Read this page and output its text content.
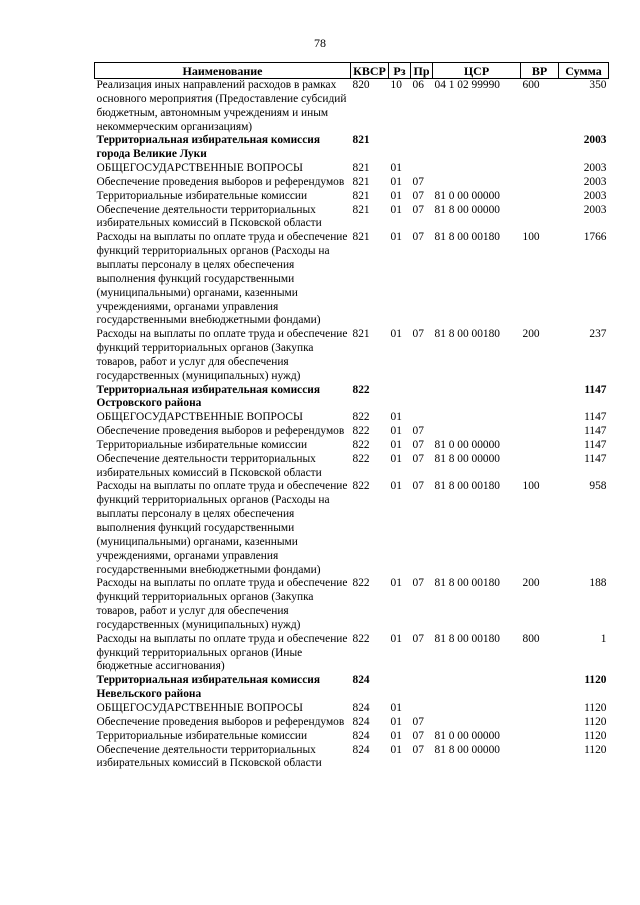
78
Наименование	КВСР	Рз	Пр	ЦСР	ВР	Сумма
Реализация иных направлений расходов в рамках основного мероприятия (Предоставление субсидий бюджетным, автономным учреждениям и иным некоммерческим организациям)	820	10	06	04 1 02 99990	600	350
Территориальная избирательная комиссия города Великие Луки	821					2003
ОБЩЕГОСУДАРСТВЕННЫЕ ВОПРОСЫ	821	01				2003
Обеспечение проведения выборов и референдумов	821	01	07			2003
Территориальные избирательные комиссии	821	01	07	81 0 00 00000		2003
Обеспечение деятельности территориальных избирательных комиссий в Псковской области	821	01	07	81 8 00 00000		2003
Расходы на выплаты по оплате труда и обеспечение функций территориальных органов (Расходы на выплаты персоналу в целях обеспечения выполнения функций государственными (муниципальными) органами, казенными учреждениями, органами управления государственными внебюджетными фондами)	821	01	07	81 8 00 00180	100	1766
Расходы на выплаты по оплате труда и обеспечение функций территориальных органов (Закупка товаров, работ и услуг для обеспечения государственных (муниципальных) нужд)	821	01	07	81 8 00 00180	200	237
Территориальная избирательная комиссия Островского района	822					1147
ОБЩЕГОСУДАРСТВЕННЫЕ ВОПРОСЫ	822	01				1147
Обеспечение проведения выборов и референдумов	822	01	07			1147
Территориальные избирательные комиссии	822	01	07	81 0 00 00000		1147
Обеспечение деятельности территориальных избирательных комиссий в Псковской области	822	01	07	81 8 00 00000		1147
Расходы на выплаты по оплате труда и обеспечение функций территориальных органов (Расходы на выплаты персоналу в целях обеспечения выполнения функций государственными (муниципальными) органами, казенными учреждениями, органами управления государственными внебюджетными фондами)	822	01	07	81 8 00 00180	100	958
Расходы на выплаты по оплате труда и обеспечение функций территориальных органов (Закупка товаров, работ и услуг для обеспечения государственных (муниципальных) нужд)	822	01	07	81 8 00 00180	200	188
Расходы на выплаты по оплате труда и обеспечение функций территориальных органов (Иные бюджетные ассигнования)	822	01	07	81 8 00 00180	800	1
Территориальная избирательная комиссия Невельского района	824					1120
ОБЩЕГОСУДАРСТВЕННЫЕ ВОПРОСЫ	824	01				1120
Обеспечение проведения выборов и референдумов	824	01	07			1120
Территориальные избирательные комиссии	824	01	07	81 0 00 00000		1120
Обеспечение деятельности территориальных избирательных комиссий в Псковской области	824	01	07	81 8 00 00000		1120
